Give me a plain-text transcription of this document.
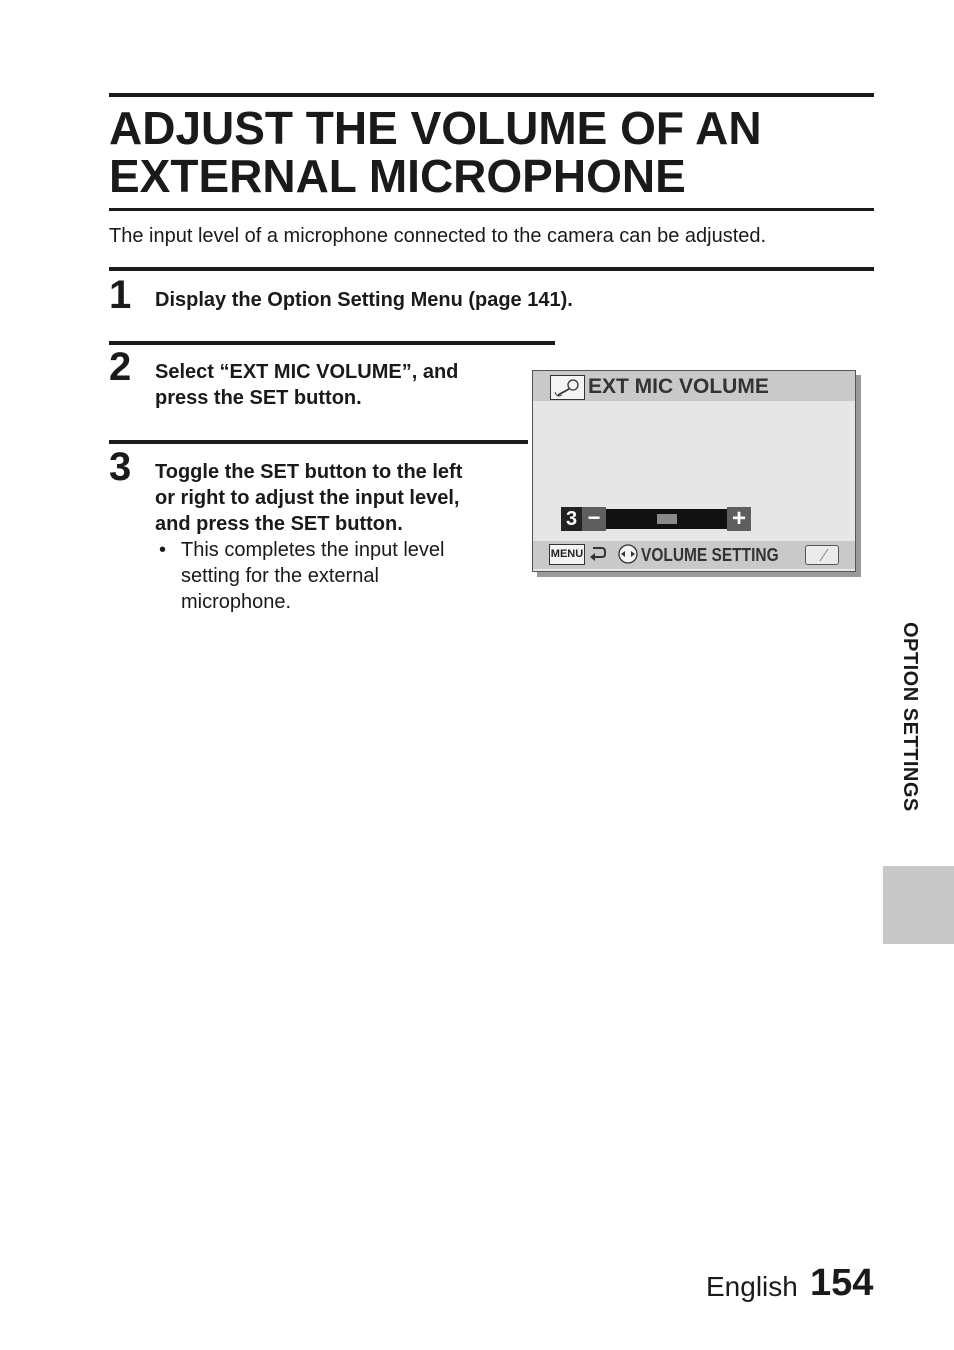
ADJUST THE VOLUME OF AN
EXTERNAL MICROPHONE
The input level of a microphone connected to the camera can be adjusted.
1 Display the Option Setting Menu (page 141).
2 Select “EXT MIC VOLUME”, and
press the SET button.
3 Toggle the SET button to the left
or right to adjust the input level,
and press the SET button.
• This completes the input level
setting for the external
microphone.
EXT MIC VOLUME
3 −	+
MENU	VOLUME SETTING
OPTION SETTINGS
English 154
